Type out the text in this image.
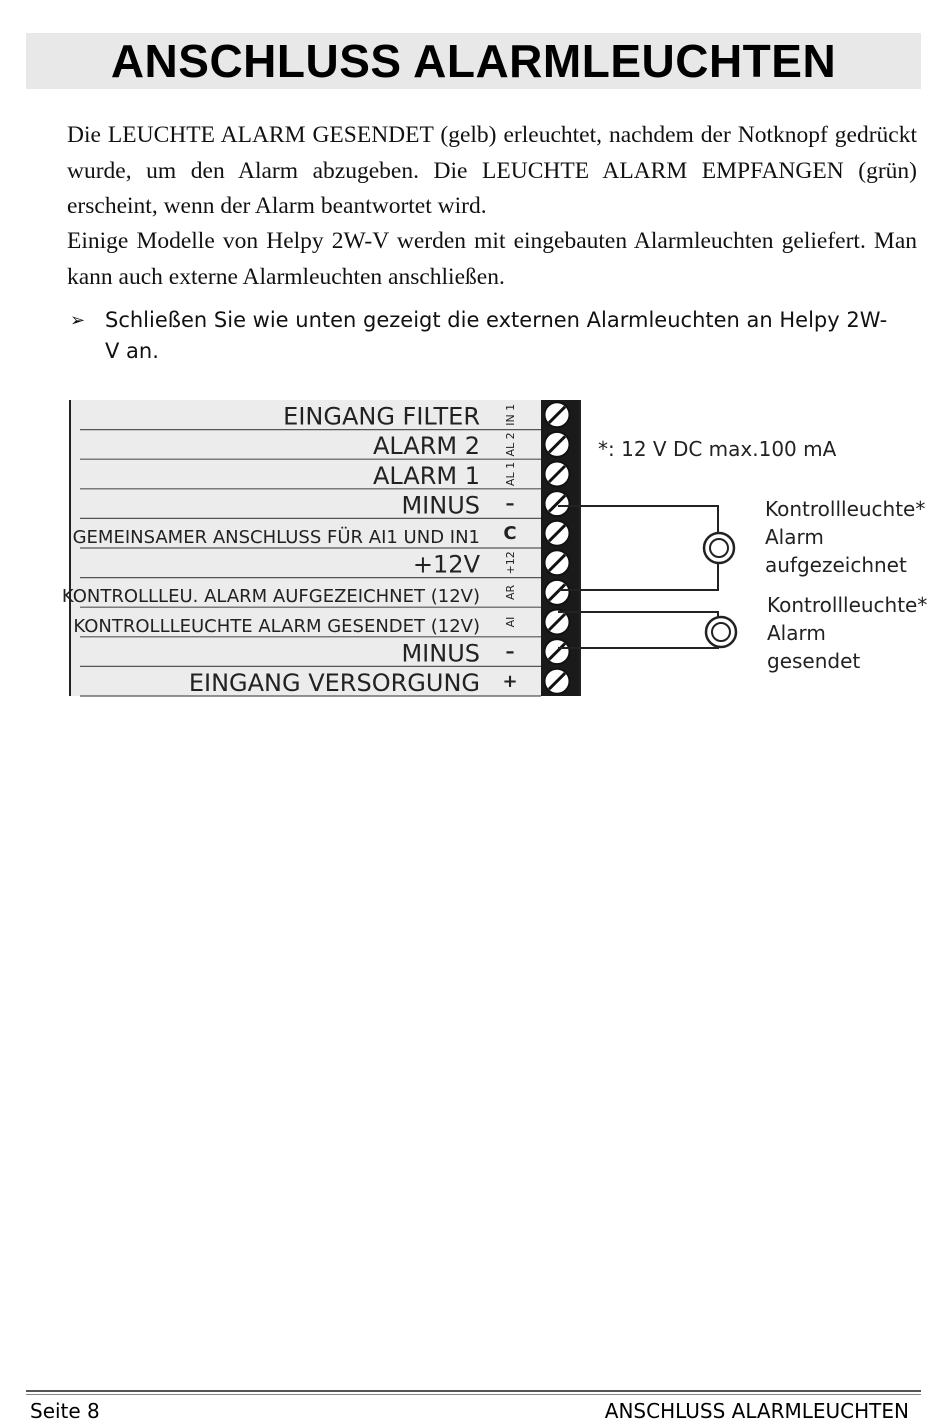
ANSCHLUSS ALARMLEUCHTEN

Die LEUCHTE ALARM GESENDET (gelb) erleuchtet, nachdem der Notknopf gedrückt wurde, um den Alarm abzugeben. Die LEUCHTE ALARM EMPFANGEN (grün) erscheint, wenn der Alarm beantwortet wird.

Einige Modelle von Helpy 2W-V werden mit eingebauten Alarmleuchten geliefert. Man kann auch externe Alarmleuchten anschließen.

➢ Schließen Sie wie unten gezeigt die externen Alarmleuchten an Helpy 2W-V an.
EINGANG FILTER IN 1
ALARM 2 AL 2
ALARM 1 AL 1
MINUS –
GEMEINSAMER ANSCHLUSS FÜR AI1 UND IN1 C
+12V +12
KONTROLLLEU. ALARM AUFGEZEICHNET (12V) AR
KONTROLLLEUCHTE ALARM GESENDET (12V) AI
MINUS –
EINGANG VERSORGUNG +
*: 12 V DC max.100 mA
Kontrollleuchte*
Alarm
aufgezeichnet
Kontrollleuchte*
Alarm
gesendet
Seite 8	ANSCHLUSS ALARMLEUCHTEN
